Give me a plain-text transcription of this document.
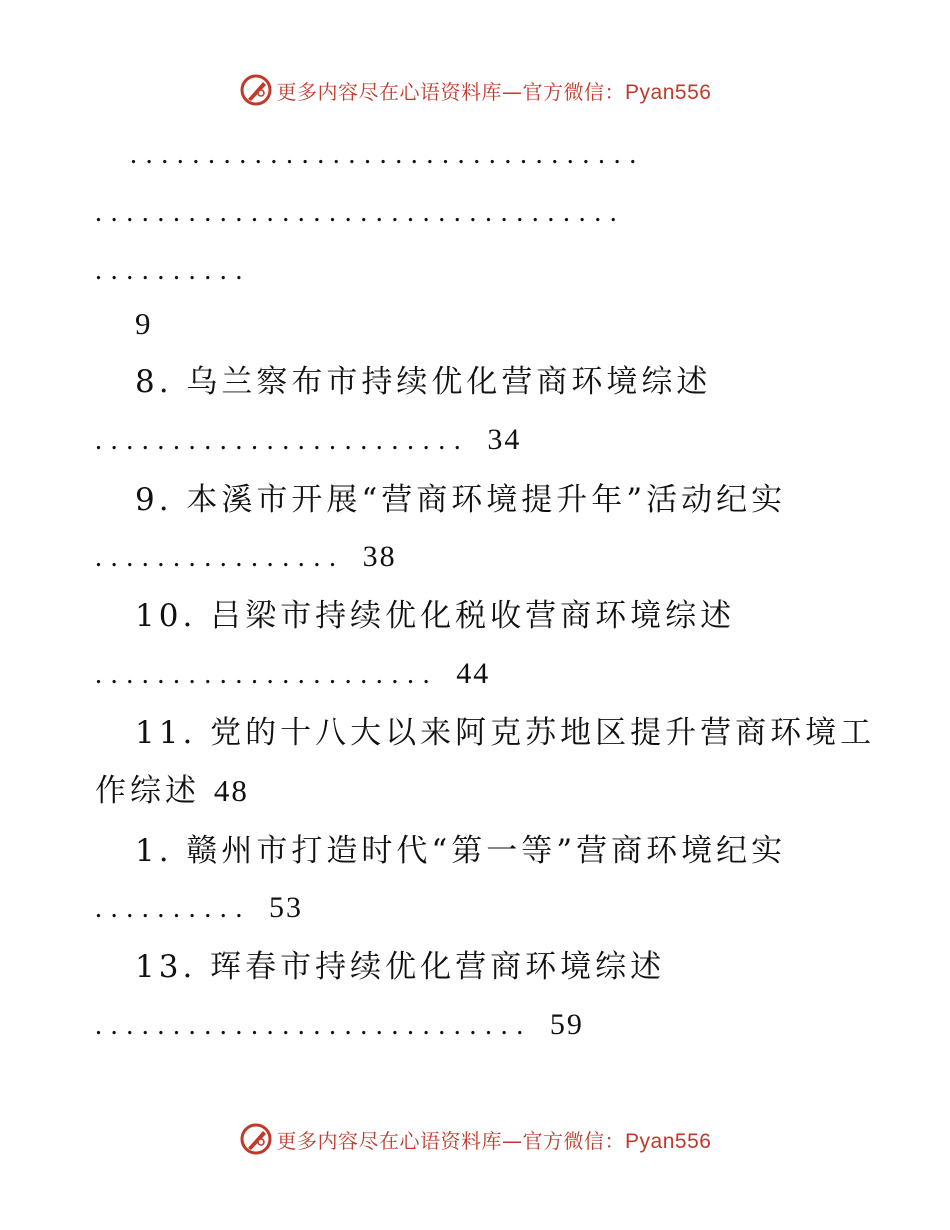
更多内容尽在心语资料库—官方微信：Pyan556
.................................
..................................
..........
9
8. 乌兰察布市持续优化营商环境综述
........................ 34
9. 本溪市开展“营商环境提升年”活动纪实
................ 38
10. 吕梁市持续优化税收营商环境综述
...................... 44
11. 党的十八大以来阿克苏地区提升营商环境工
作综述 48
1. 赣州市打造时代“第一等”营商环境纪实
.......... 53
13. 珲春市持续优化营商环境综述
............................ 59
更多内容尽在心语资料库—官方微信：Pyan556
